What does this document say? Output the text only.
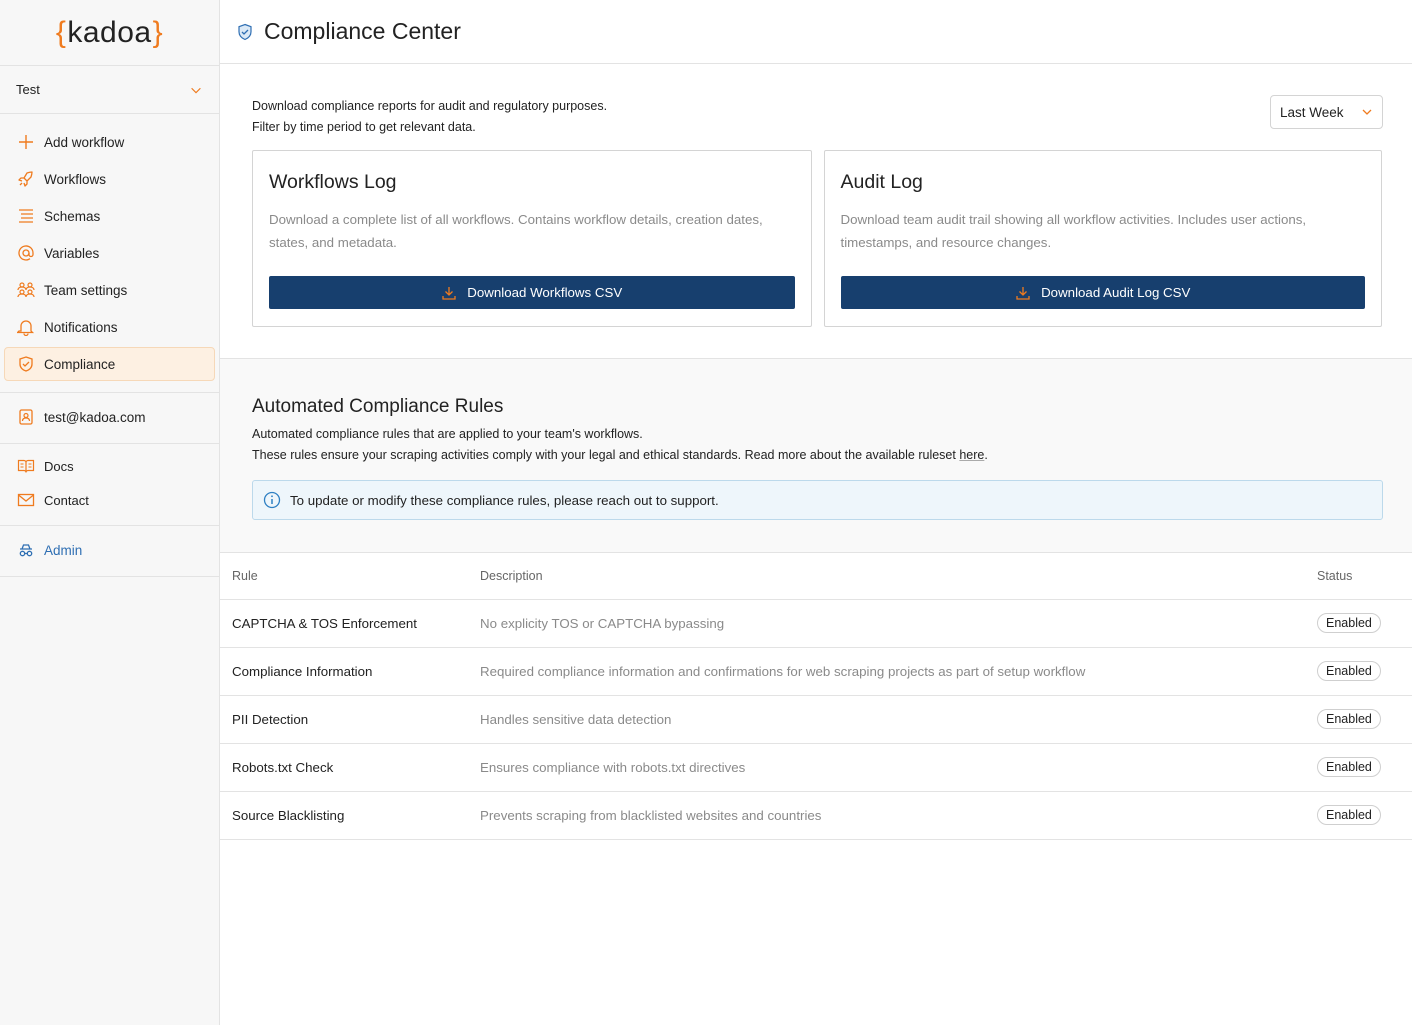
{ kadoa }
Test
Add workflow
Workflows
Schemas
Variables
Team settings
Notifications
Compliance
test@kadoa.com
Docs
Contact
Admin
Compliance Center
Download compliance reports for audit and regulatory purposes.
Filter by time period to get relevant data.
Last Week
Workflows Log

Download a complete list of all workflows. Contains workflow details, creation dates, states, and metadata.

Download Workflows CSV
Audit Log

Download team audit trail showing all workflow activities. Includes user actions, timestamps, and resource changes.

Download Audit Log CSV
Automated Compliance Rules
Automated compliance rules that are applied to your team's workflows.
These rules ensure your scraping activities comply with your legal and ethical standards. Read more about the available ruleset here.
To update or modify these compliance rules, please reach out to support.
Rule	Description	Status
CAPTCHA & TOS Enforcement	No explicity TOS or CAPTCHA bypassing	Enabled
Compliance Information	Required compliance information and confirmations for web scraping projects as part of setup workflow	Enabled
PII Detection	Handles sensitive data detection	Enabled
Robots.txt Check	Ensures compliance with robots.txt directives	Enabled
Source Blacklisting	Prevents scraping from blacklisted websites and countries	Enabled
